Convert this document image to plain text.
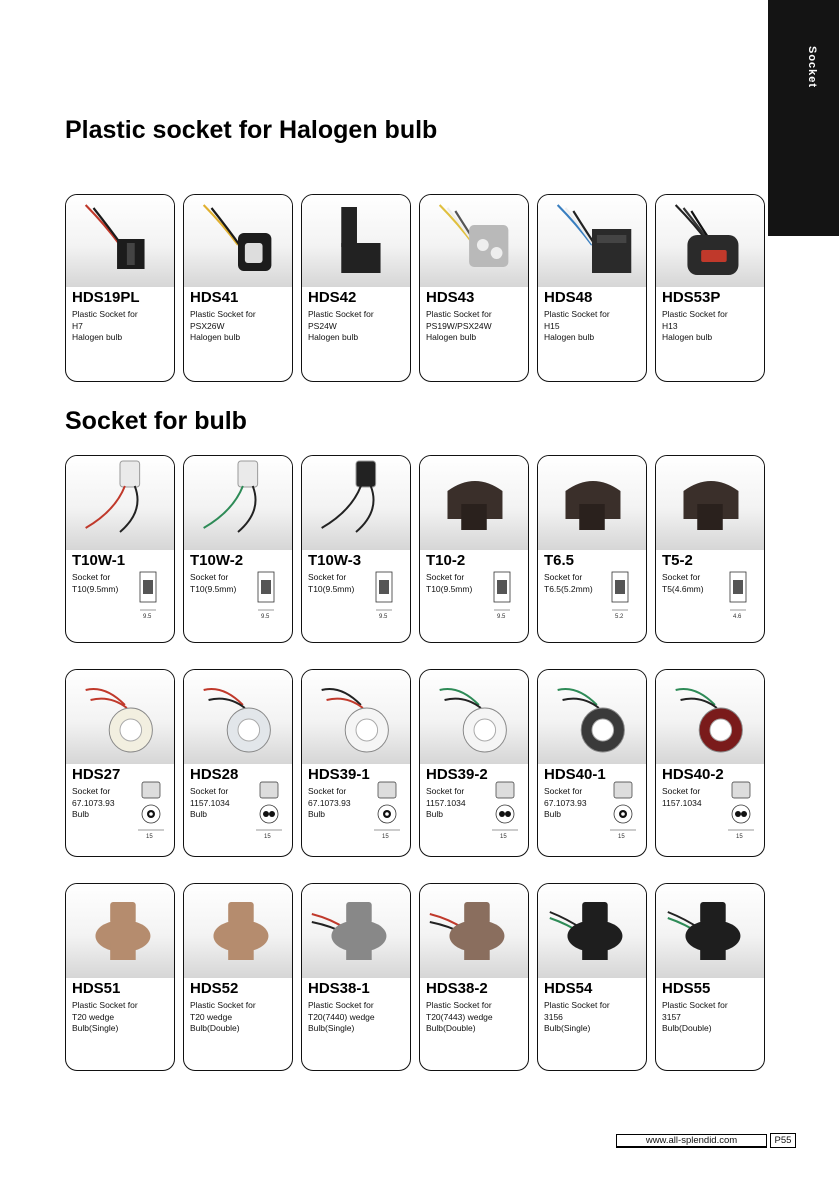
Socket
Plastic socket for Halogen bulb
Socket for bulb
HDS19PL
Plastic Socket for
H7
Halogen bulb
HDS41
Plastic Socket for
PSX26W
Halogen bulb
HDS42
Plastic Socket for
PS24W
Halogen bulb
HDS43
Plastic Socket for
PS19W/PSX24W
Halogen bulb
HDS48
Plastic Socket for
H15
Halogen bulb
HDS53P
Plastic Socket for
H13
Halogen bulb
T10W-1
Socket for
T10(9.5mm)
9.5
T10W-2
Socket for
T10(9.5mm)
9.5
T10W-3
Socket for
T10(9.5mm)
9.5
T10-2
Socket for
T10(9.5mm)
9.5
T6.5
Socket for
T6.5(5.2mm)
5.2
T5-2
Socket for
T5(4.6mm)
4.6
HDS27
Socket for
67.1073.93
Bulb
15
HDS28
Socket for
1157.1034
Bulb
15
HDS39-1
Socket for
67.1073.93
Bulb
15
HDS39-2
Socket for
1157.1034
Bulb
15
HDS40-1
Socket for
67.1073.93
Bulb
15
HDS40-2
Socket for
1157.1034
15
HDS51
Plastic Socket for
T20 wedge
Bulb(Single)
HDS52
Plastic Socket for
T20 wedge
Bulb(Double)
HDS38-1
Plastic Socket for
T20(7440) wedge
Bulb(Single)
HDS38-2
Plastic Socket for
T20(7443) wedge
Bulb(Double)
HDS54
Plastic Socket for
3156
Bulb(Single)
HDS55
Plastic Socket for
3157
Bulb(Double)
www.all-splendid.com	P55
